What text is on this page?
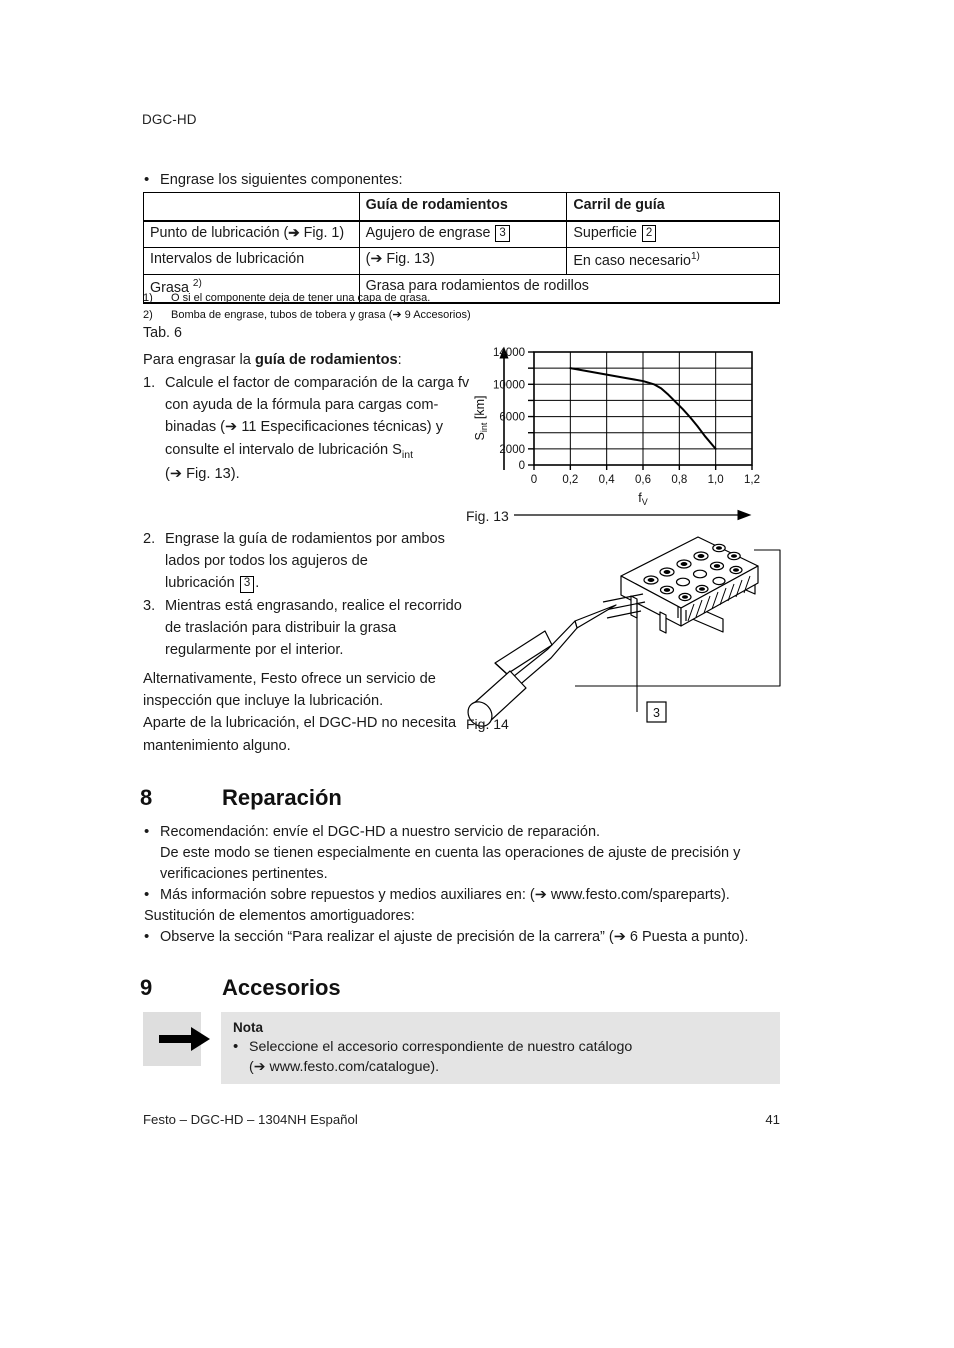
DGC-HD
• Engrase los siguientes componentes:
	Guía de rodamientos	Carril de guía
Punto de lubricación (➔ Fig. 1)	Agujero de engrase 3	Superficie 2
Intervalos de lubricación	(➔ Fig. 13)	En caso necesario$^{1)}$
Grasa $^{2)}$	Grasa para rodamientos de rodillos	
1)	O si el componente deja de tener una capa de grasa.
2)	Bomba de engrase, tubos de tobera y grasa (➔ 9 Accesorios)
Tab. 6
Para engrasar la guía de rodamientos:
1. Calcule el factor de comparación de la carga fv
con ayuda de la fórmula para cargas com-
binadas (➔ 11 Especificaciones técnicas) y
consulte el intervalo de lubricación $S_{int}$
(➔ Fig. 13).
2. Engrase la guía de rodamientos por ambos
lados por todos los agujeros de
lubricación 3 .
3. Mientras está engrasando, realice el recorrido
de traslación para distribuir la grasa
regularmente por el interior.
Alternativamente, Festo ofrece un servicio de
inspección que incluye la lubricación.
Aparte de la lubricación, el DGC-HD no necesita
mantenimiento alguno.
0
2000
6000
10000
14000
0 0,2 0,4 0,6 0,8 1,0 1,2
$S_{int}$ [km]
$f_V$
Fig. 13
3
Fig. 14
8	Reparación
• Recomendación: envíe el DGC-HD a nuestro servicio de reparación.
De este modo se tienen especialmente en cuenta las operaciones de ajuste de precisión y
verificaciones pertinentes.
• Más información sobre repuestos y medios auxiliares en: (➔ www.festo.com/spareparts).
Sustitución de elementos amortiguadores:
• Observe la sección “Para realizar el ajuste de precisión de la carrera” (➔ 6 Puesta a punto).
9	Accesorios
Nota
• Seleccione el accesorio correspondiente de nuestro catálogo
(➔ www.festo.com/catalogue).
Festo – DGC-HD – 1304NH Español	41
